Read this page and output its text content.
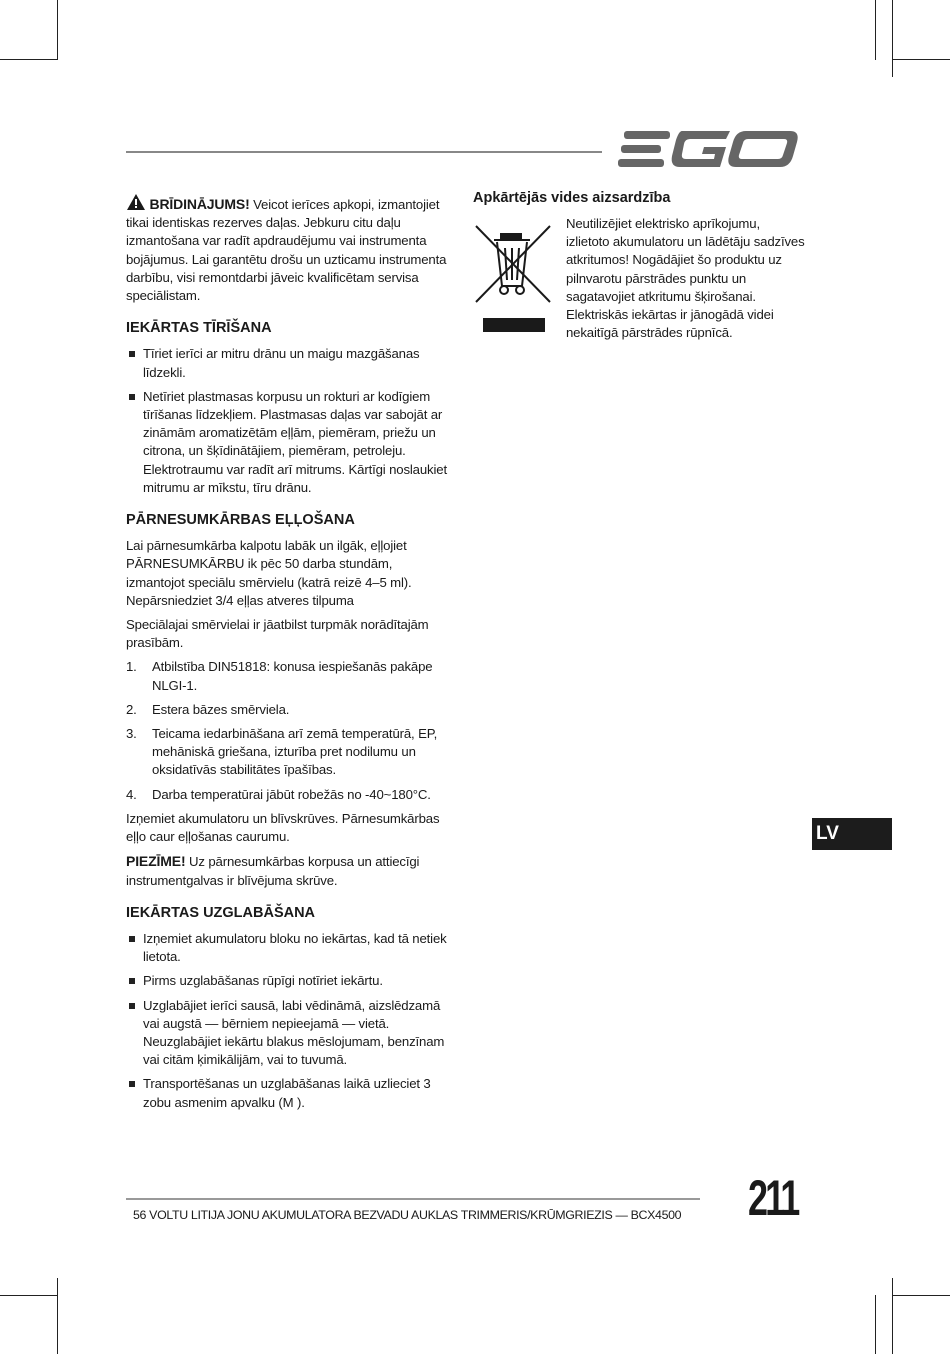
BRĪDINĀJUMS! Veicot ierīces apkopi, izmantojiet tikai identiskas rezerves daļas. Jebkuru citu daļu izmantošana var radīt apdraudējumu vai instrumenta bojājumus. Lai garantētu drošu un uzticamu instrumenta darbību, visi remontdarbi jāveic kvalificētam servisa speciālistam.

IEKĀRTAS TĪRĪŠANA
Tīriet ierīci ar mitru drānu un maigu mazgāšanas līdzekli.
Netīriet plastmasas korpusu un rokturi ar kodīgiem tīrīšanas līdzekļiem. Plastmasas daļas var sabojāt ar zināmām aromatizētām eļļām, piemēram, priežu un citrona, un šķīdinātājiem, piemēram, petroleju. Elektrotraumu var radīt arī mitrums. Kārtīgi noslaukiet mitrumu ar mīkstu, tīru drānu.
PĀRNESUMKĀRBAS EĻĻOŠANA

Lai pārnesumkārba kalpotu labāk un ilgāk, eļļojiet PĀRNESUMKĀRBU ik pēc 50 darba stundām, izmantojot speciālu smērvielu (katrā reizē 4–5 ml). Nepārsniedziet 3/4 eļļas atveres tilpuma

Speciālajai smērvielai ir jāatbilst turpmāk norādītajām prasībām.

1. Atbilstība DIN51818: konusa iespiešanās pakāpe NLGI-1.
2. Estera bāzes smērviela.
3. Teicama iedarbināšana arī zemā temperatūrā, EP, mehāniskā griešana, izturība pret nodilumu un oksidatīvās stabilitātes īpašības.
4. Darba temperatūrai jābūt robežās no -40~180°C.

Izņemiet akumulatoru un blīvskrūves. Pārnesumkārbas eļļo caur eļļošanas caurumu.

PIEZĪME! Uz pārnesumkārbas korpusa un attiecīgi instrumentgalvas ir blīvējuma skrūve.

IEKĀRTAS UZGLABĀŠANA
Izņemiet akumulatoru bloku no iekārtas, kad tā netiek lietota.
Pirms uzglabāšanas rūpīgi notīriet iekārtu.
Uzglabājiet ierīci sausā, labi vēdināmā, aizslēdzamā vai augstā — bērniem nepieejamā — vietā. Neuzglabājiet iekārtu blakus mēslojumam, benzīnam vai citām ķimikālijām, vai to tuvumā.
Transportēšanas un uzglabāšanas laikā uzlieciet 3 zobu asmenim apvalku (M ).
Apkārtējās vides aizsardzība
Neutilizējiet elektrisko aprīkojumu, izlietoto akumulatoru un lādētāju sadzīves atkritumos! Nogādājiet šo produktu uz pilnvarotu pārstrādes punktu un sagatavojiet atkritumu šķirošanai. Elektriskās iekārtas ir jānogādā videi nekaitīgā pārstrādes rūpnīcā.
LV
56 VOLTU LITIJA JONU AKUMULATORA BEZVADU AUKLAS TRIMMERIS/KRŪMGRIEZIS — BCX4500 211
